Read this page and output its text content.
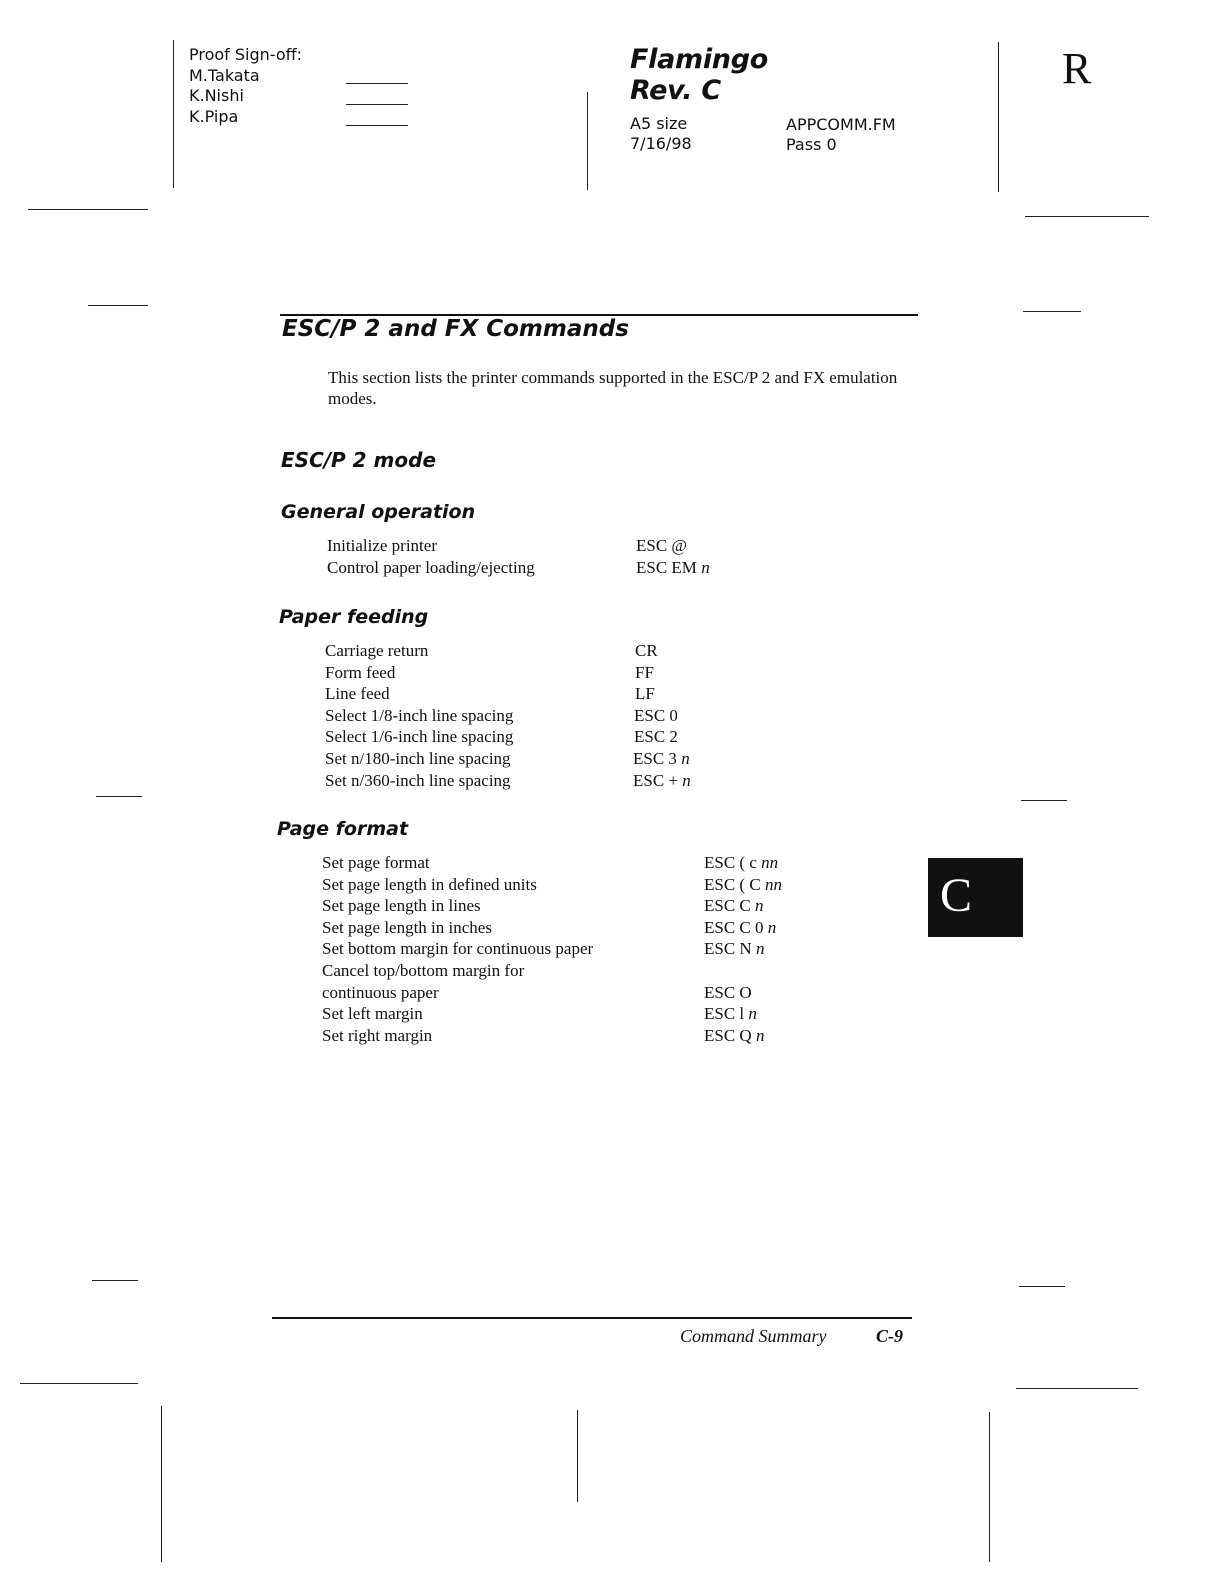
Proof Sign-off:
M.Takata
K.Nishi
K.Pipa
Flamingo
Rev. C
A5 size
7/16/98
APPCOMM.FM
Pass 0
R
ESC/P 2 and FX Commands
This section lists the printer commands supported in the ESC/P 2 and FX emulation modes.
ESC/P 2 mode
General operation
Initialize printer	ESC @
Control paper loading/ejecting	ESC EM n
Paper feeding
Carriage return	CR
Form feed	FF
Line feed	LF
Select 1/8-inch line spacing	ESC 0
Select 1/6-inch line spacing	ESC 2
Set n/180-inch line spacing	ESC 3 n
Set n/360-inch line spacing	ESC + n
Page format
Set page format	ESC ( c nn
Set page length in defined units	ESC ( C nn
Set page length in lines	ESC C n
Set page length in inches	ESC C 0 n
Set bottom margin for continuous paper	ESC N n
Cancel top/bottom margin for
continuous paper	ESC O
Set left margin	ESC l n
Set right margin	ESC Q n
C
Command Summary	C-9
